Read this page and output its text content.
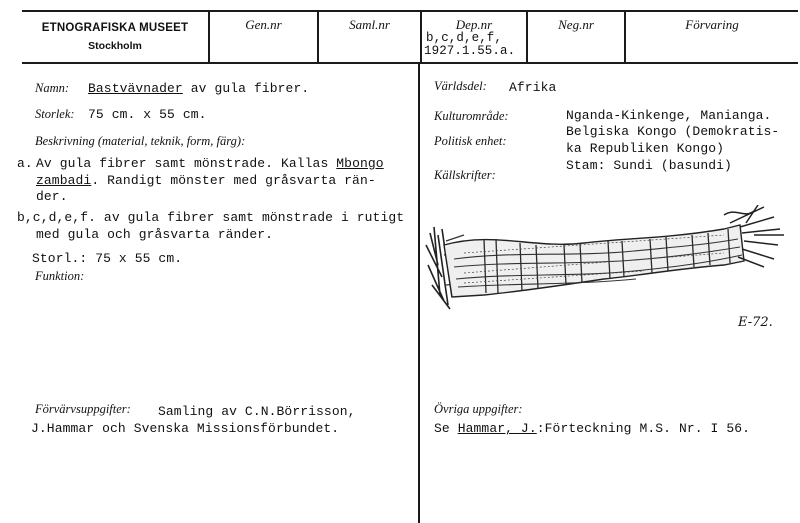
ETNOGRAFISKA MUSEET
Stockholm
Gen.nr	Saml.nr	Dep.nr
b,c,d,e,f,
1927.1.55.a.
Neg.nr	Förvaring
Namn: Bastvävnader av gula fibrer.
Storlek: 75 cm. x 55 cm.
Beskrivning (material, teknik, form, färg):
a. Av gula fibrer samt mönstrade. Kallas Mbongo
zambadi. Randigt mönster med gråsvarta rän-
der.
b,c,d,e,f. av gula fibrer samt mönstrade i rutigt
med gula och gråsvarta ränder.
Storl.: 75 x 55 cm.
Funktion:
Förvärvsuppgifter: Samling av C.N.Börrisson,
J.Hammar och Svenska Missionsförbundet.
Världsdel: Afrika
Kulturområde:	Nganda-Kinkenge, Manianga.
Politisk enhet:
Belgiska Kongo (Demokratis-
ka Republiken Kongo)
Källskrifter:
Stam: Sundi (basundi)
E-72.
Övriga uppgifter:
Se Hammar, J.:Förteckning M.S. Nr. I 56.
